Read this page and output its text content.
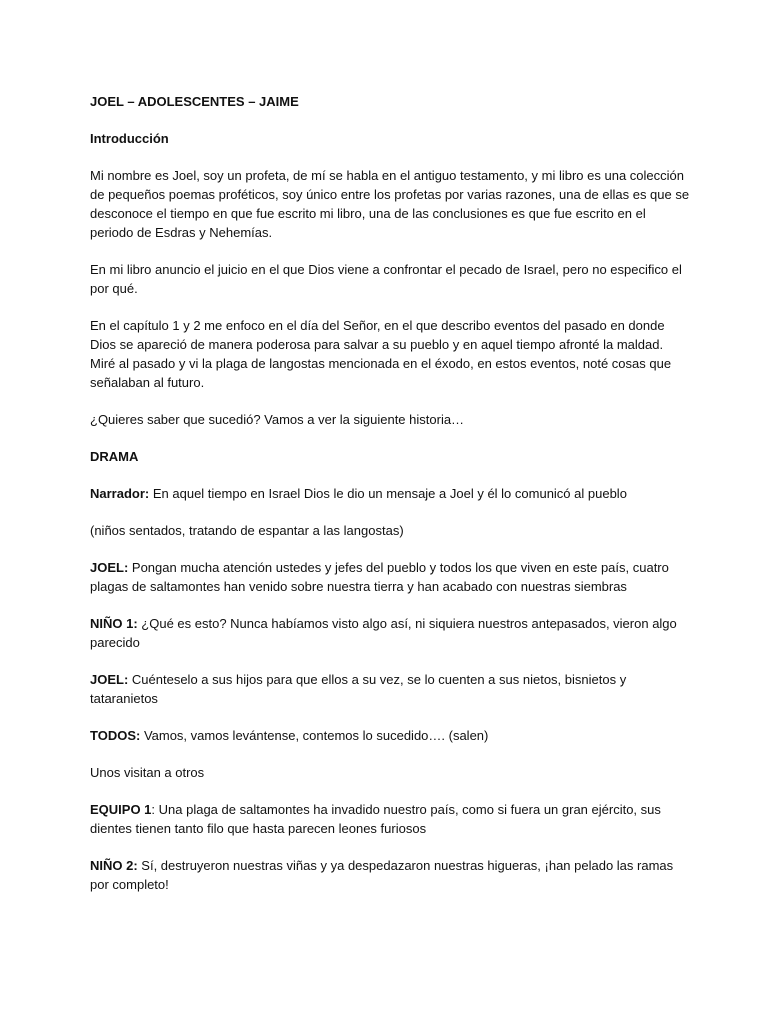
JOEL – ADOLESCENTES – JAIME

Introducción

Mi nombre es Joel, soy un profeta, de mí se habla en el antiguo testamento, y mi libro es una colección de pequeños poemas proféticos, soy único entre los profetas por varias razones, una de ellas es que se desconoce el tiempo en que fue escrito mi libro, una de las conclusiones es que fue escrito en el periodo de Esdras y Nehemías.

En mi libro anuncio el juicio en el que Dios viene a confrontar el pecado de Israel, pero no especifico el por qué.

En el capítulo 1 y 2 me enfoco en el día del Señor, en el que describo eventos del pasado en donde Dios se apareció de manera poderosa para salvar a su pueblo y en aquel tiempo afronté la maldad. Miré al pasado y vi la plaga de langostas mencionada en el éxodo, en estos eventos, noté cosas que señalaban al futuro.

¿Quieres saber que sucedió? Vamos a ver la siguiente historia…

DRAMA

Narrador: En aquel tiempo en Israel Dios le dio un mensaje a Joel y él lo comunicó al pueblo

(niños sentados, tratando de espantar a las langostas)

JOEL: Pongan mucha atención ustedes y jefes del pueblo y todos los que viven en este país, cuatro plagas de saltamontes han venido sobre nuestra tierra y han acabado con nuestras siembras

NIÑO 1: ¿Qué es esto? Nunca habíamos visto algo así, ni siquiera nuestros antepasados, vieron algo parecido

JOEL: Cuénteselo a sus hijos para que ellos a su vez, se lo cuenten a sus nietos, bisnietos y tataranietos

TODOS: Vamos, vamos levántense, contemos lo sucedido…. (salen)

Unos visitan a otros

EQUIPO 1: Una plaga de saltamontes ha invadido nuestro país, como si fuera un gran ejército, sus dientes tienen tanto filo que hasta parecen leones furiosos

NIÑO 2: Sí, destruyeron nuestras viñas y ya despedazaron nuestras higueras, ¡han pelado las ramas por completo!
